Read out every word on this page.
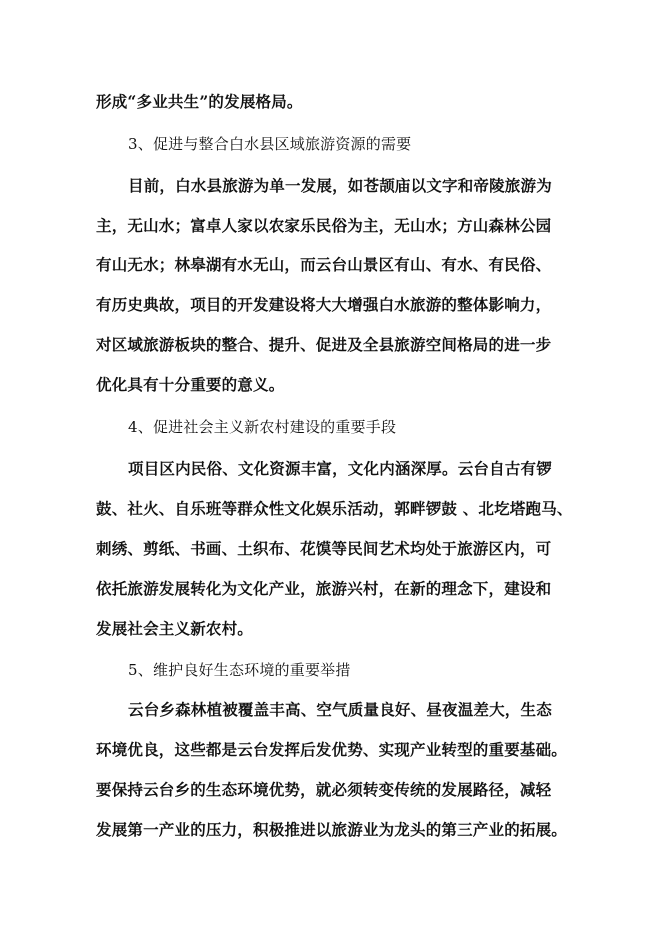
形成“多业共生”的发展格局。
3、促进与整合白水县区域旅游资源的需要
目前，白水县旅游为单一发展，如苍颉庙以文字和帝陵旅游为
主，无山水；富卓人家以农家乐民俗为主，无山水；方山森林公园
有山无水；林皋湖有水无山，而云台山景区有山、有水、有民俗、
有历史典故，项目的开发建设将大大增强白水旅游的整体影响力，
对区域旅游板块的整合、提升、促进及全县旅游空间格局的进一步
优化具有十分重要的意义。
4、促进社会主义新农村建设的重要手段
项目区内民俗、文化资源丰富，文化内涵深厚。云台自古有锣
鼓、社火、自乐班等群众性文化娱乐活动，郭畔锣鼓 、北圪塔跑马、
刺绣、剪纸、书画、土织布、花馍等民间艺术均处于旅游区内，可
依托旅游发展转化为文化产业，旅游兴村，在新的理念下，建设和
发展社会主义新农村。
5、维护良好生态环境的重要举措
云台乡森林植被覆盖丰高、空气质量良好、昼夜温差大，生态
环境优良，这些都是云台发挥后发优势、实现产业转型的重要基础。
要保持云台乡的生态环境优势，就必须转变传统的发展路径，减轻
发展第一产业的压力，积极推进以旅游业为龙头的第三产业的拓展。
